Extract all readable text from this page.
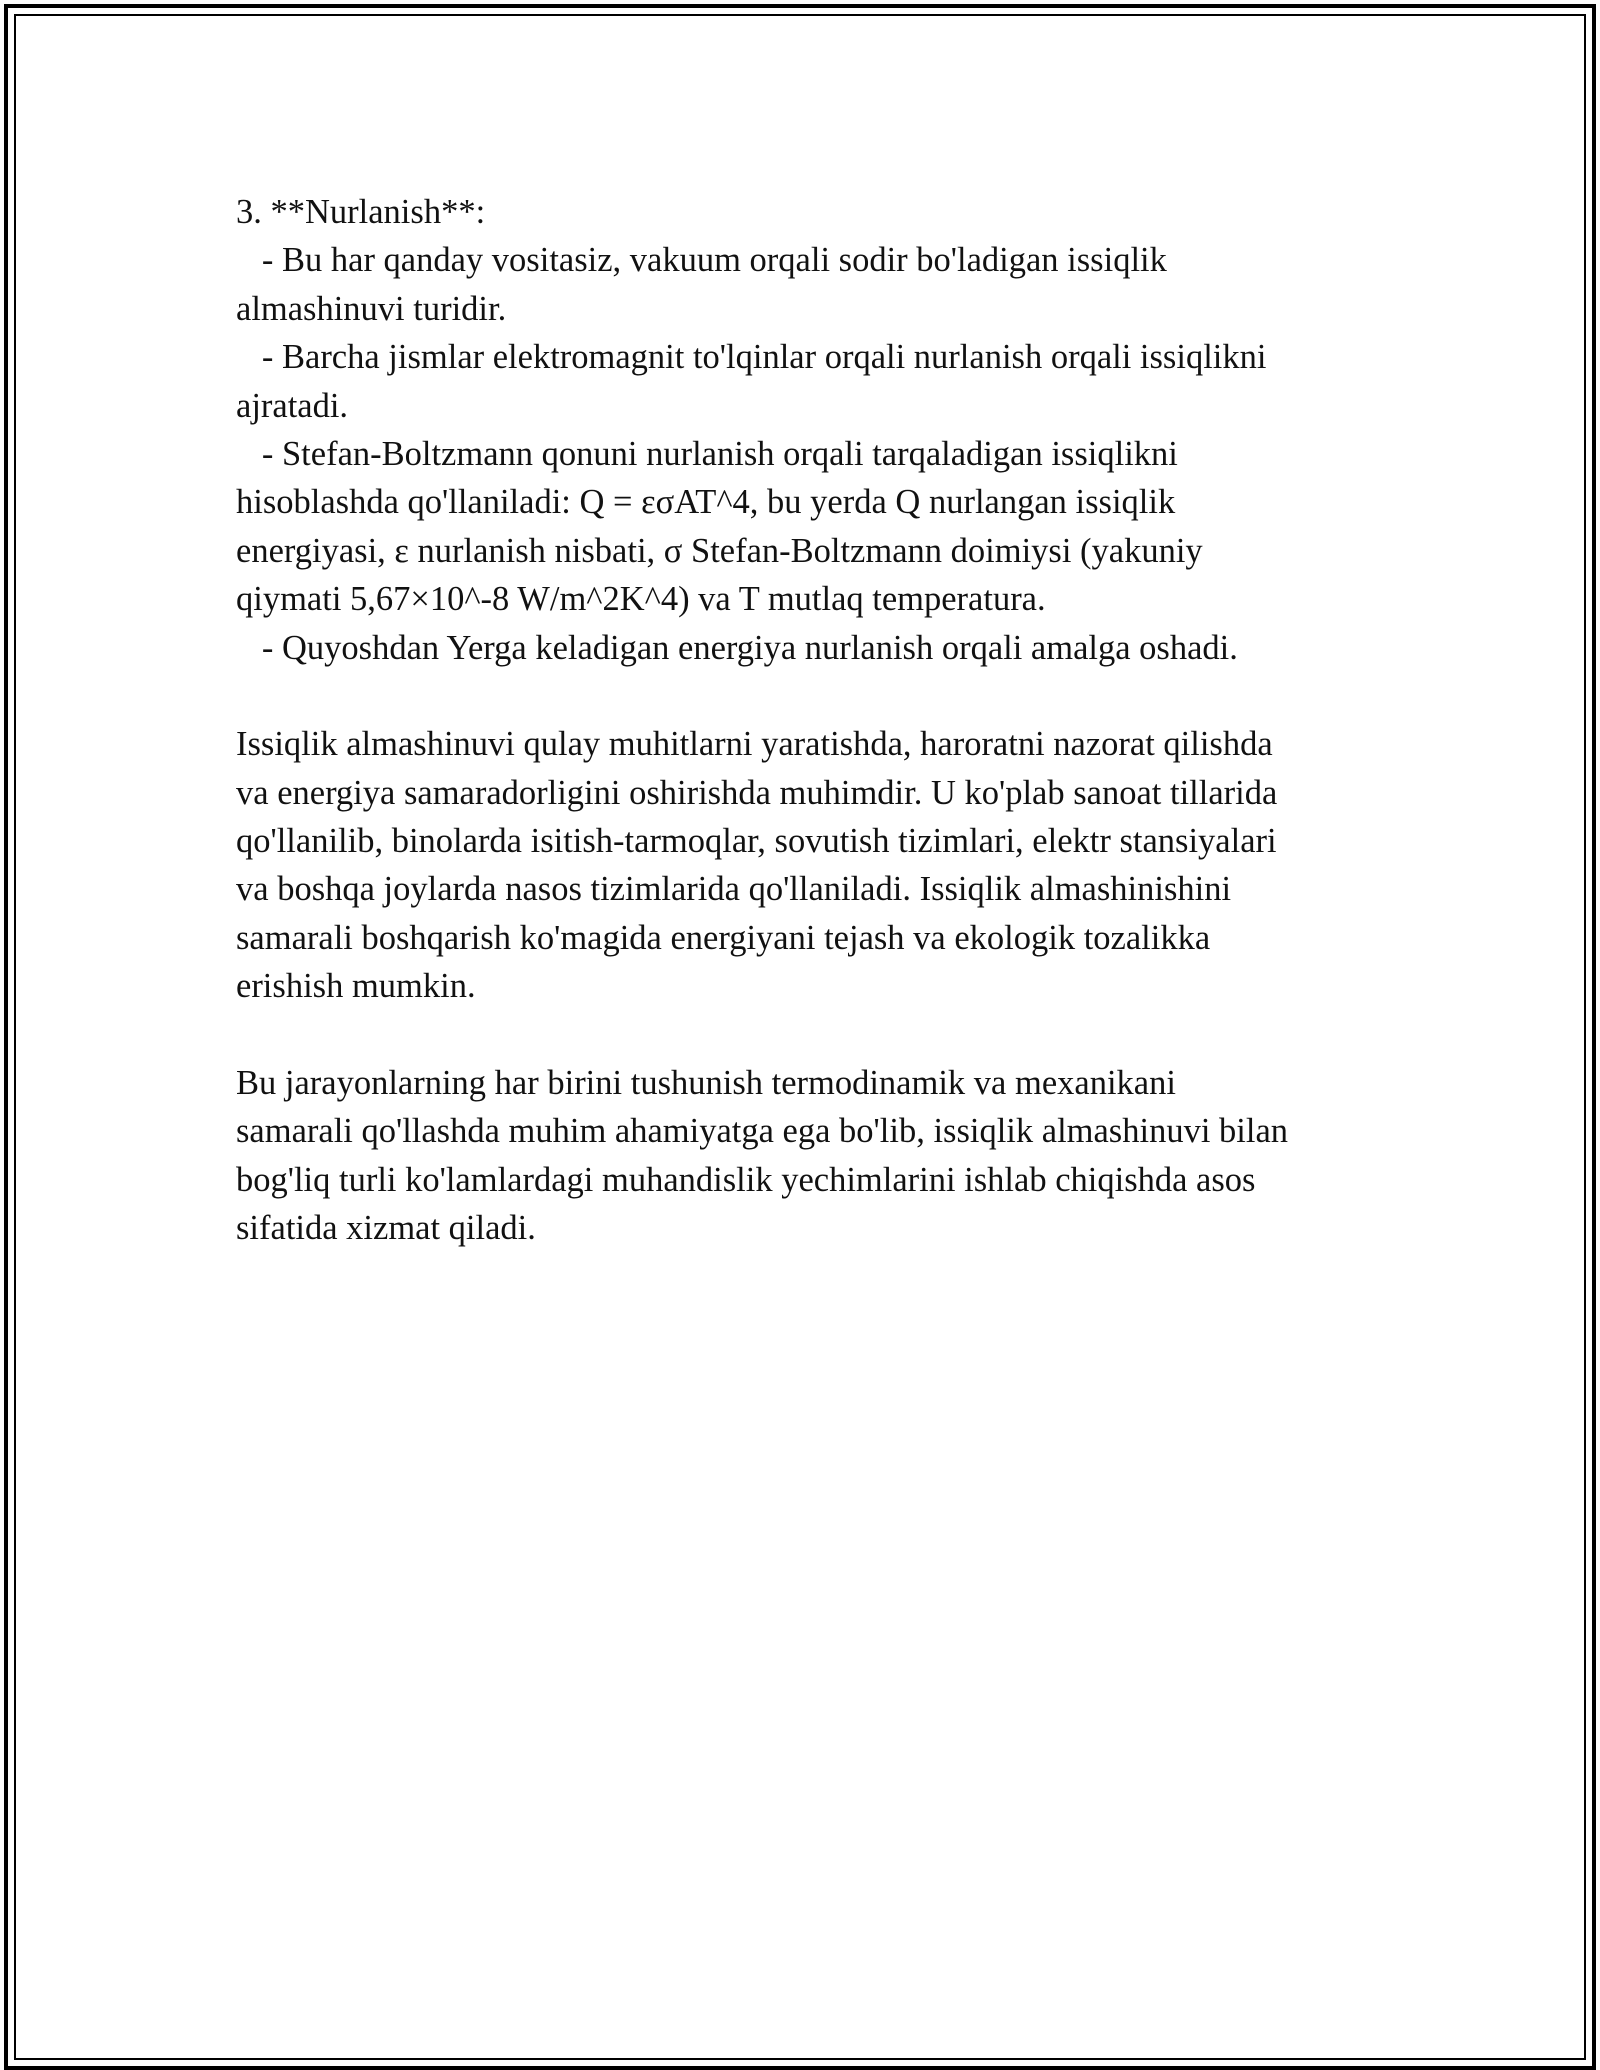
3. **Nurlanish**:

- Bu har qanday vositasiz, vakuum orqali sodir bo'ladigan issiqlik

almashinuvi turidir.

- Barcha jismlar elektromagnit to'lqinlar orqali nurlanish orqali issiqlikni

ajratadi.

- Stefan-Boltzmann qonuni nurlanish orqali tarqaladigan issiqlikni

hisoblashda qo'llaniladi: Q = εσAT^4, bu yerda Q nurlangan issiqlik

energiyasi, ε nurlanish nisbati, σ Stefan-Boltzmann doimiysi (yakuniy

qiymati 5,67×10^-8 W/m^2K^4) va T mutlaq temperatura.

- Quyoshdan Yerga keladigan energiya nurlanish orqali amalga oshadi.

Issiqlik almashinuvi qulay muhitlarni yaratishda, haroratni nazorat qilishda

va energiya samaradorligini oshirishda muhimdir. U ko'plab sanoat tillarida

qo'llanilib, binolarda isitish-tarmoqlar, sovutish tizimlari, elektr stansiyalari

va boshqa joylarda nasos tizimlarida qo'llaniladi. Issiqlik almashinishini

samarali boshqarish ko'magida energiyani tejash va ekologik tozalikka

erishish mumkin.

Bu jarayonlarning har birini tushunish termodinamik va mexanikani

samarali qo'llashda muhim ahamiyatga ega bo'lib, issiqlik almashinuvi bilan

bog'liq turli ko'lamlardagi muhandislik yechimlarini ishlab chiqishda asos

sifatida xizmat qiladi.
